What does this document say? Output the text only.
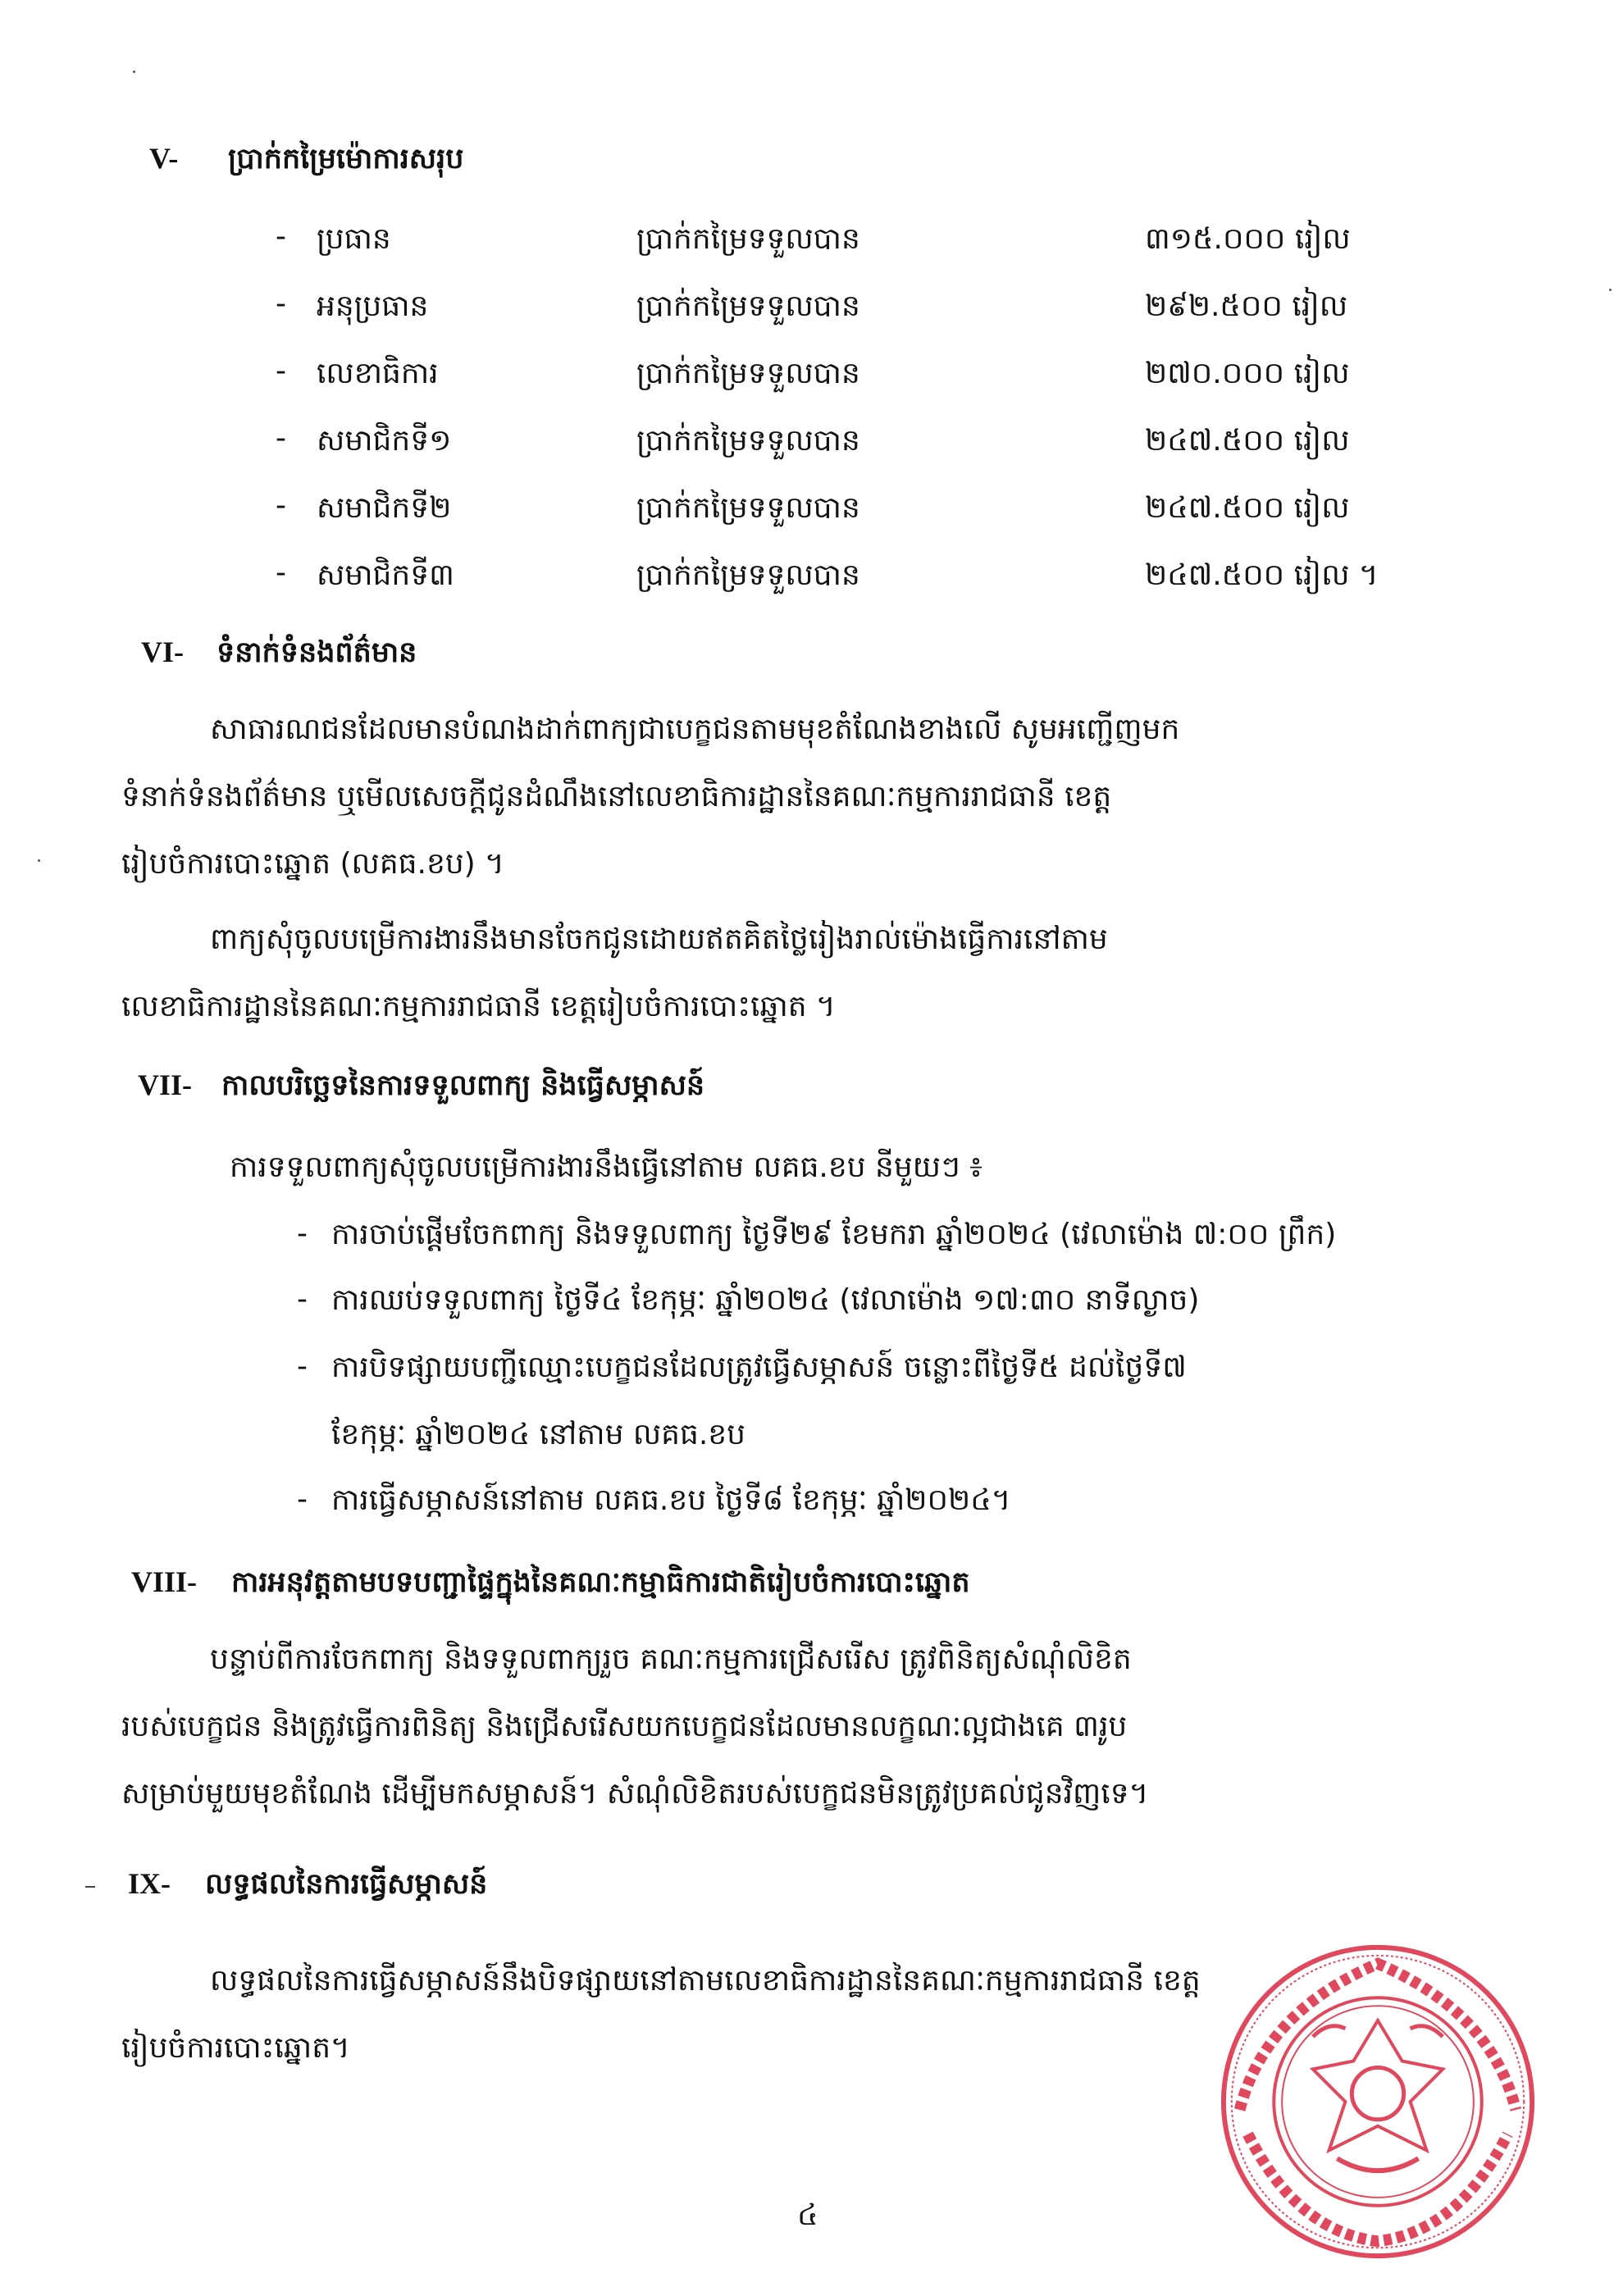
V- ប្រាក់កម្រៃម៉ោការសរុប
- ប្រធាន	ប្រាក់កម្រៃទទួលបាន	៣១៥.០០០ រៀល
- អនុប្រធាន	ប្រាក់កម្រៃទទួលបាន	២៩២.៥០០ រៀល
- លេខាធិការ	ប្រាក់កម្រៃទទួលបាន	២៧០.០០០ រៀល
- សមាជិកទី១	ប្រាក់កម្រៃទទួលបាន	២៤៧.៥០០ រៀល
- សមាជិកទី២	ប្រាក់កម្រៃទទួលបាន	២៤៧.៥០០ រៀល
- សមាជិកទី៣	ប្រាក់កម្រៃទទួលបាន	២៤៧.៥០០ រៀល ។
VI- ទំនាក់ទំនងព័ត៌មាន
សាធារណជនដែលមានបំណងដាក់ពាក្យជាបេក្ខជនតាមមុខតំណែងខាងលើ សូមអញ្ជើញមក
ទំនាក់ទំនងព័ត៌មាន ឬមើលសេចក្តីជូនដំណឹងនៅលេខាធិការដ្ឋាននៃគណៈកម្មការរាជធានី ខេត្ត
រៀបចំការបោះឆ្នោត (លគធ.ខប) ។
ពាក្យសុំចូលបម្រើការងារនឹងមានចែកជូនដោយឥតគិតថ្លៃរៀងរាល់ម៉ោងធ្វើការនៅតាម
លេខាធិការដ្ឋាននៃគណៈកម្មការរាជធានី ខេត្តរៀបចំការបោះឆ្នោត ។
VII- កាលបរិច្ឆេទនៃការទទួលពាក្យ និងធ្វើសម្ភាសន៍
ការទទួលពាក្យសុំចូលបម្រើការងារនឹងធ្វើនៅតាម លគធ.ខប នីមួយៗ ៖
- ការចាប់ផ្តើមចែកពាក្យ និងទទួលពាក្យ ថ្ងៃទី២៩ ខែមករា ឆ្នាំ២០២៤ (វេលាម៉ោង ៧:០០ ព្រឹក)
- ការឈប់ទទួលពាក្យ ថ្ងៃទី៤ ខែកុម្ភៈ ឆ្នាំ២០២៤ (វេលាម៉ោង ១៧:៣០ នាទីល្ងាច)
- ការបិទផ្សាយបញ្ជីឈ្មោះបេក្ខជនដែលត្រូវធ្វើសម្ភាសន៍ ចន្លោះពីថ្ងៃទី៥ ដល់ថ្ងៃទី៧
ខែកុម្ភៈ ឆ្នាំ២០២៤ នៅតាម លគធ.ខប
- ការធ្វើសម្ភាសន៍នៅតាម លគធ.ខប ថ្ងៃទី៨ ខែកុម្ភៈ ឆ្នាំ២០២៤។
VIII- ការអនុវត្តតាមបទបញ្ជាផ្ទៃក្នុងនៃគណៈកម្មាធិការជាតិរៀបចំការបោះឆ្នោត
បន្ទាប់ពីការចែកពាក្យ និងទទួលពាក្យរួច គណៈកម្មការជ្រើសរើស ត្រូវពិនិត្យសំណុំលិខិត
របស់បេក្ខជន និងត្រូវធ្វើការពិនិត្យ និងជ្រើសរើសយកបេក្ខជនដែលមានលក្ខណៈល្អជាងគេ ៣រូប
សម្រាប់មួយមុខតំណែង ដើម្បីមកសម្ភាសន៍។ សំណុំលិខិតរបស់បេក្ខជនមិនត្រូវប្រគល់ជូនវិញទេ។
IX- លទ្ធផលនៃការធ្វើសម្ភាសន៍
លទ្ធផលនៃការធ្វើសម្ភាសន៍នឹងបិទផ្សាយនៅតាមលេខាធិការដ្ឋាននៃគណៈកម្មការរាជធានី ខេត្ត
រៀបចំការបោះឆ្នោត។
៤
